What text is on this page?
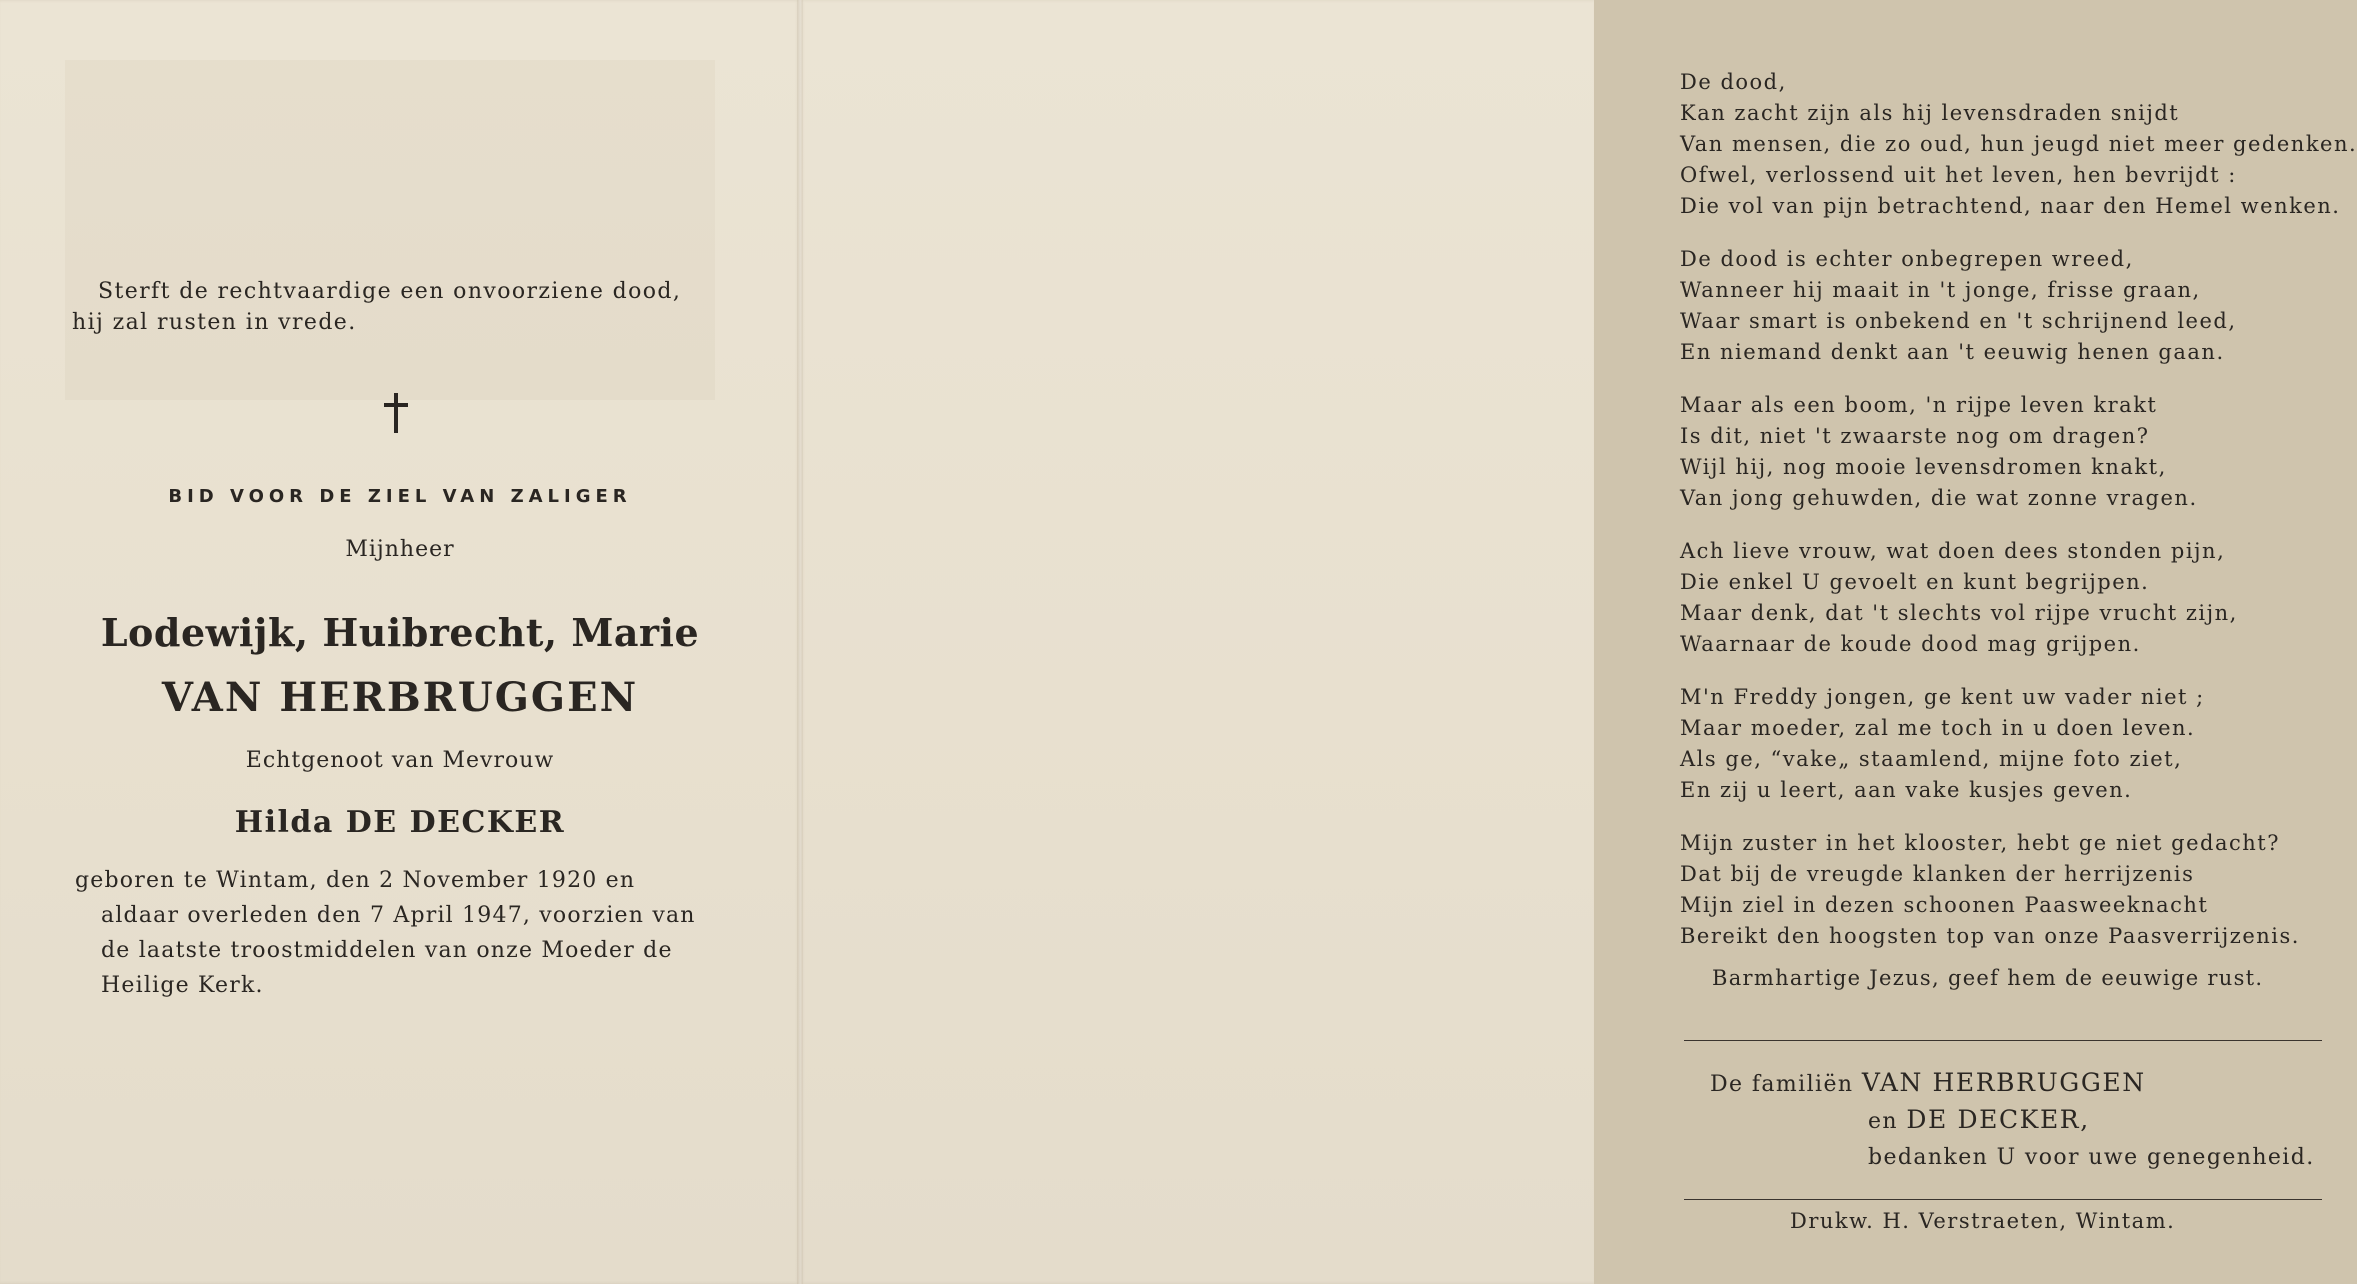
Sterft de rechtvaardige een onvoorziene dood,
hij zal rusten in vrede.
BID VOOR DE ZIEL VAN ZALIGER
Mijnheer
Lodewijk, Huibrecht, Marie
VAN HERBRUGGEN
Echtgenoot van Mevrouw
Hilda DE DECKER
geboren te Wintam, den 2 November 1920 en
aldaar overleden den 7 April 1947, voorzien van
de laatste troostmiddelen van onze Moeder de
Heilige Kerk.
De dood,
Kan zacht zijn als hij levensdraden snijdt
Van mensen, die zo oud, hun jeugd niet meer gedenken.
Ofwel, verlossend uit het leven, hen bevrijdt :
Die vol van pijn betrachtend, naar den Hemel wenken.
De dood is echter onbegrepen wreed,
Wanneer hij maait in 't jonge, frisse graan,
Waar smart is onbekend en 't schrijnend leed,
En niemand denkt aan 't eeuwig henen gaan.
Maar als een boom, 'n rijpe leven krakt
Is dit, niet 't zwaarste nog om dragen?
Wijl hij, nog mooie levensdromen knakt,
Van jong gehuwden, die wat zonne vragen.
Ach lieve vrouw, wat doen dees stonden pijn,
Die enkel U gevoelt en kunt begrijpen.
Maar denk, dat 't slechts vol rijpe vrucht zijn,
Waarnaar de koude dood mag grijpen.
M'n Freddy jongen, ge kent uw vader niet ;
Maar moeder, zal me toch in u doen leven.
Als ge, “vake„ staamlend, mijne foto ziet,
En zij u leert, aan vake kusjes geven.
Mijn zuster in het klooster, hebt ge niet gedacht?
Dat bij de vreugde klanken der herrijzenis
Mijn ziel in dezen schoonen Paasweeknacht
Bereikt den hoogsten top van onze Paasverrijzenis.
Barmhartige Jezus, geef hem de eeuwige rust.
De familiën VAN HERBRUGGEN
en DE DECKER,
bedanken U voor uwe genegenheid.
Drukw. H. Verstraeten, Wintam.
